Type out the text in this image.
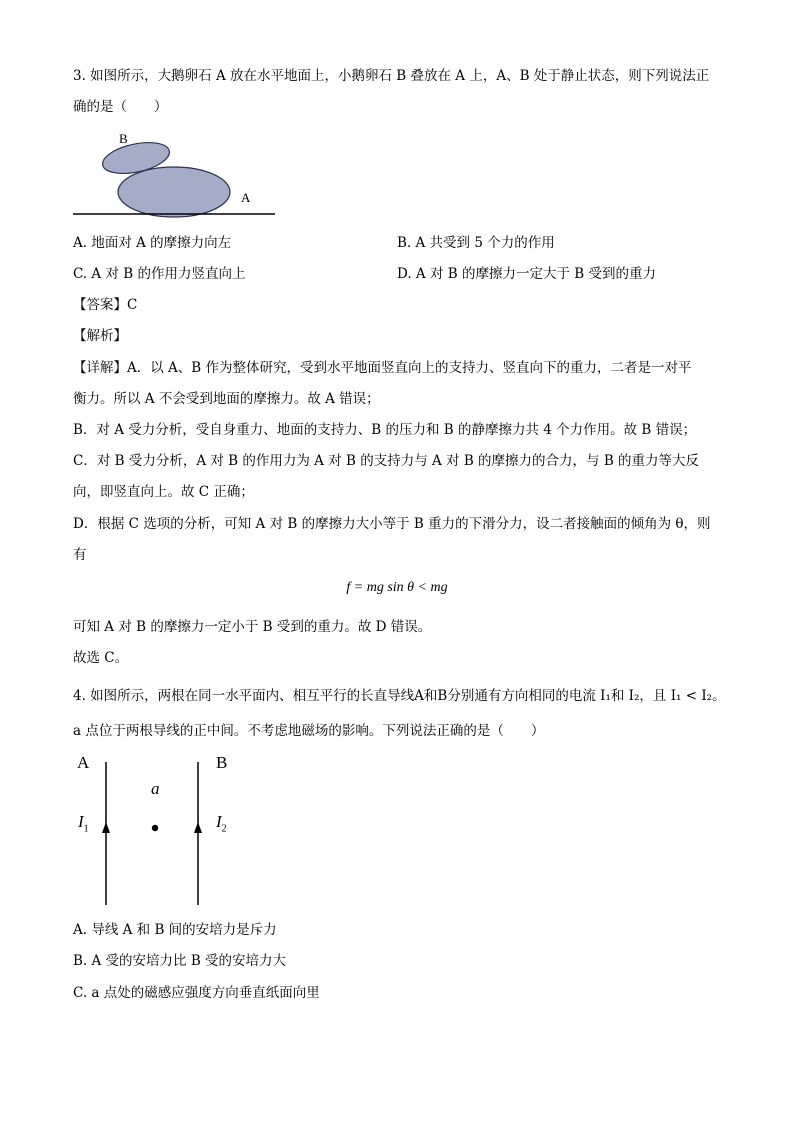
3. 如图所示，大鹅卵石 A 放在水平地面上，小鹅卵石 B 叠放在 A 上，A、B 处于静止状态，则下列说法正
确的是（　　）
B
A
A. 地面对 A 的摩擦力向左	B. A 共受到 5 个力的作用
C. A 对 B 的作用力竖直向上	D. A 对 B 的摩擦力一定大于 B 受到的重力
【答案】C
【解析】
【详解】A．以 A、B 作为整体研究，受到水平地面竖直向上的支持力、竖直向下的重力，二者是一对平
衡力。所以 A 不会受到地面的摩擦力。故 A 错误；
B．对 A 受力分析，受自身重力、地面的支持力、B 的压力和 B 的静摩擦力共 4 个力作用。故 B 错误；
C．对 B 受力分析，A 对 B 的作用力为 A 对 B 的支持力与 A 对 B 的摩擦力的合力，与 B 的重力等大反
向，即竖直向上。故 C 正确；
D．根据 C 选项的分析，可知 A 对 B 的摩擦力大小等于 B 重力的下滑分力，设二者接触面的倾角为 θ，则
有
f = mg sin θ < mg
可知 A 对 B 的摩擦力一定小于 B 受到的重力。故 D 错误。
故选 C。
4. 如图所示，两根在同一水平面内、相互平行的长直导线A和B分别通有方向相同的电流 I₁和 I₂，且 I₁ < I₂。
a 点位于两根导线的正中间。不考虑地磁场的影响。下列说法正确的是（　　）
A	B
a
$I_1$	$I_2$
A. 导线 A 和 B 间的安培力是斥力
B. A 受的安培力比 B 受的安培力大
C. a 点处的磁感应强度方向垂直纸面向里
